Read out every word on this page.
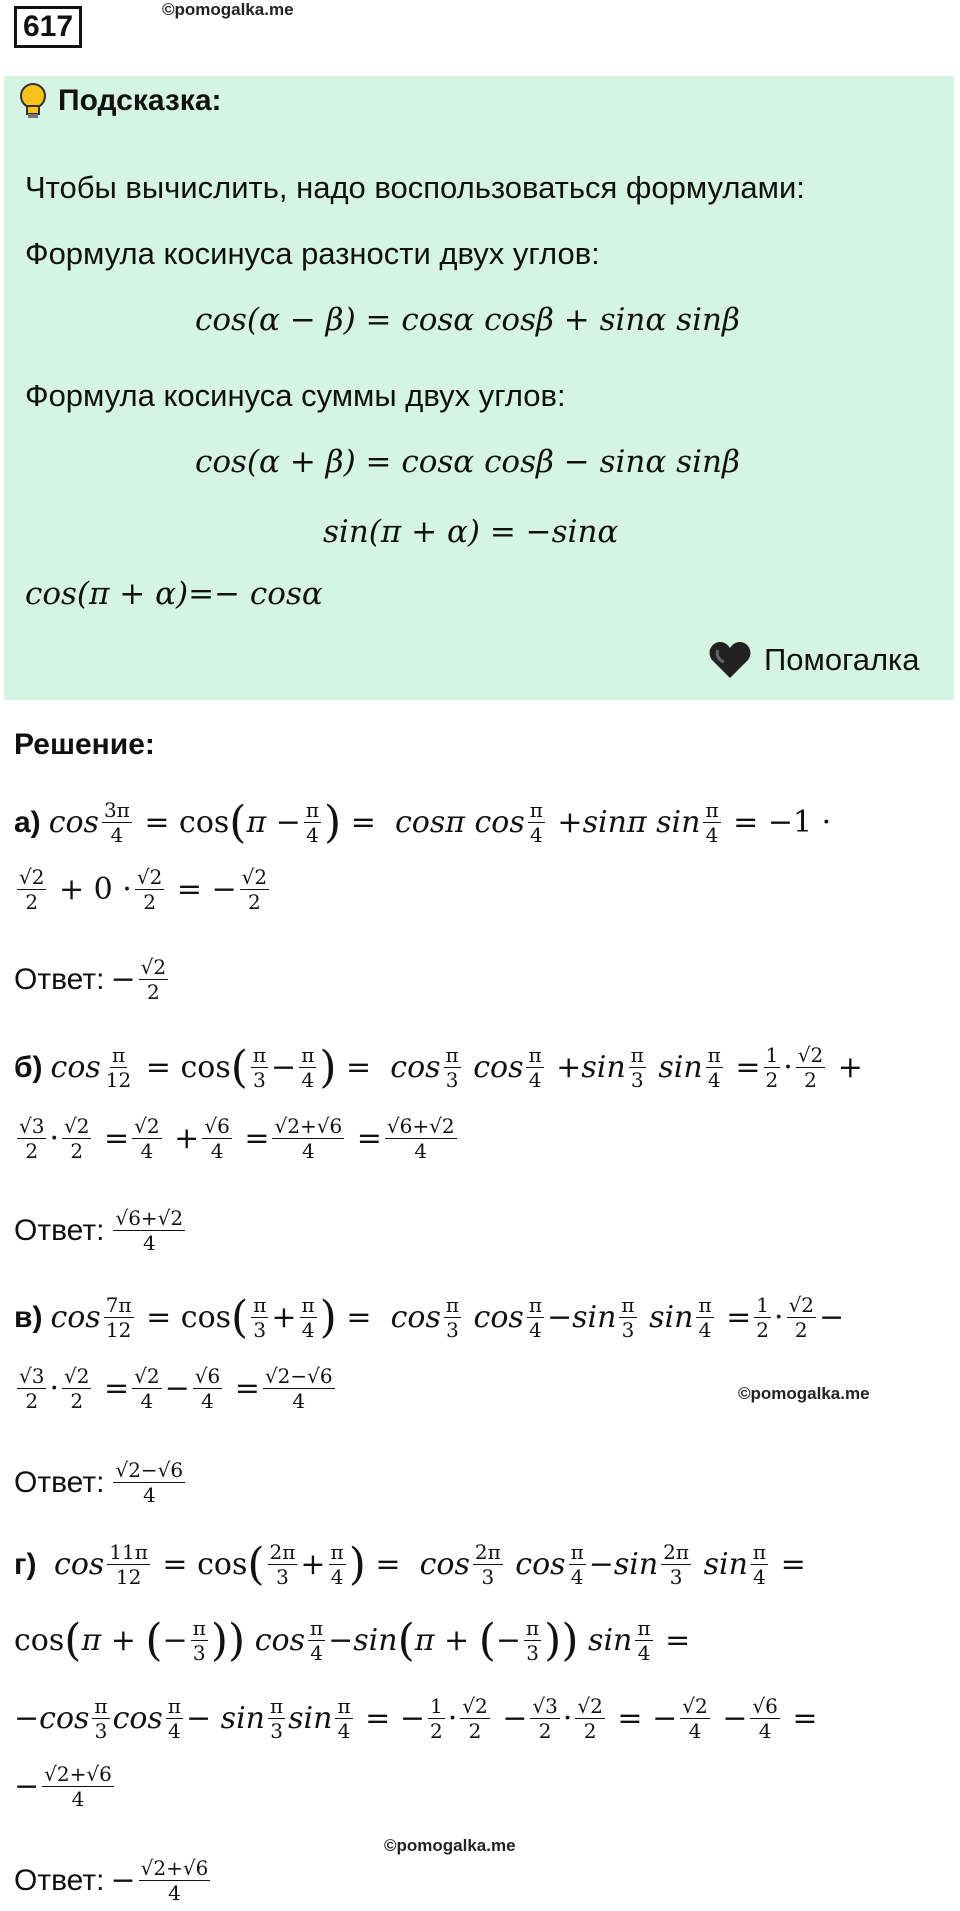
617
©pomogalka.me
Подсказка:
Чтобы вычислить, надо воспользоваться формулами:
Формула косинуса разности двух углов:
cos(α − β) = cosα cosβ + sinα sinβ
Формула косинуса суммы двух углов:
cos(α + β) = cosα cosβ − sinα sinβ
sin(π + α) = −sinα
cos(π + α)=− cosα
Помогалка
Решение:
а) $\cos \frac{3\pi}{4} = \cos$ ( $\pi - \frac{\pi}{4}$ ) = cosπ $\cos \frac{\pi}{4} + \sin\pi$ $\sin \frac{\pi}{4} = -1$ ·
$\frac{√2}{2} + 0 \cdot \frac{√2}{2}$ = − $\frac{√2}{2}$
Ответ: − $\frac{√2}{2}$
б) $\cos \frac{\pi}{12} = \cos$ ( $\frac{\pi}{3} - \frac{\pi}{4}$ ) = $\cos \frac{\pi}{3}$ $\cos \frac{\pi}{4} + \sin \frac{\pi}{3}$ $\sin \frac{\pi}{4} = \frac{1}{2} \cdot \frac{√2}{2}$ +
$\frac{√3}{2} \cdot \frac{√2}{2} = \frac{√2}{4} + \frac{√6}{4} = \frac{√2+√6}{4} = \frac{√6+√2}{4}$
Ответ: $\frac{√6+√2}{4}$
в) $\cos \frac{7\pi}{12} = \cos$ ( $\frac{\pi}{3} + \frac{\pi}{4}$ ) = $\cos \frac{\pi}{3}$ $\cos \frac{\pi}{4} - \sin \frac{\pi}{3}$ $\sin \frac{\pi}{4} = \frac{1}{2} \cdot \frac{√2}{2}$ −
$\frac{√3}{2} \cdot \frac{√2}{2} = \frac{√2}{4} - \frac{√6}{4} = \frac{√2-√6}{4}$	©pomogalka.me
Ответ: $\frac{√2-√6}{4}$
г) $\cos \frac{11\pi}{12} = \cos$ ( $\frac{2\pi}{3} + \frac{\pi}{4}$ ) = $\cos \frac{2\pi}{3}$ $\cos \frac{\pi}{4} - \sin \frac{2\pi}{3}$ $\sin \frac{\pi}{4}$ =
cos ( π + ( − $\frac{\pi}{3}$ )) $\cos \frac{\pi}{4} - \sin$ ( π + ( − $\frac{\pi}{3}$ )) $\sin \frac{\pi}{4}$ =
$-\cos \frac{\pi}{3}$ $\cos \frac{\pi}{4} - \sin \frac{\pi}{3}$ $\sin \frac{\pi}{4}$ = − $\frac{1}{2} \cdot \frac{√2}{2} - \frac{√3}{2} \cdot \frac{√2}{2}$ = − $\frac{√2}{4} - \frac{√6}{4}$ =
− $\frac{√2+√6}{4}$
©pomogalka.me
Ответ: − $\frac{√2+√6}{4}$
